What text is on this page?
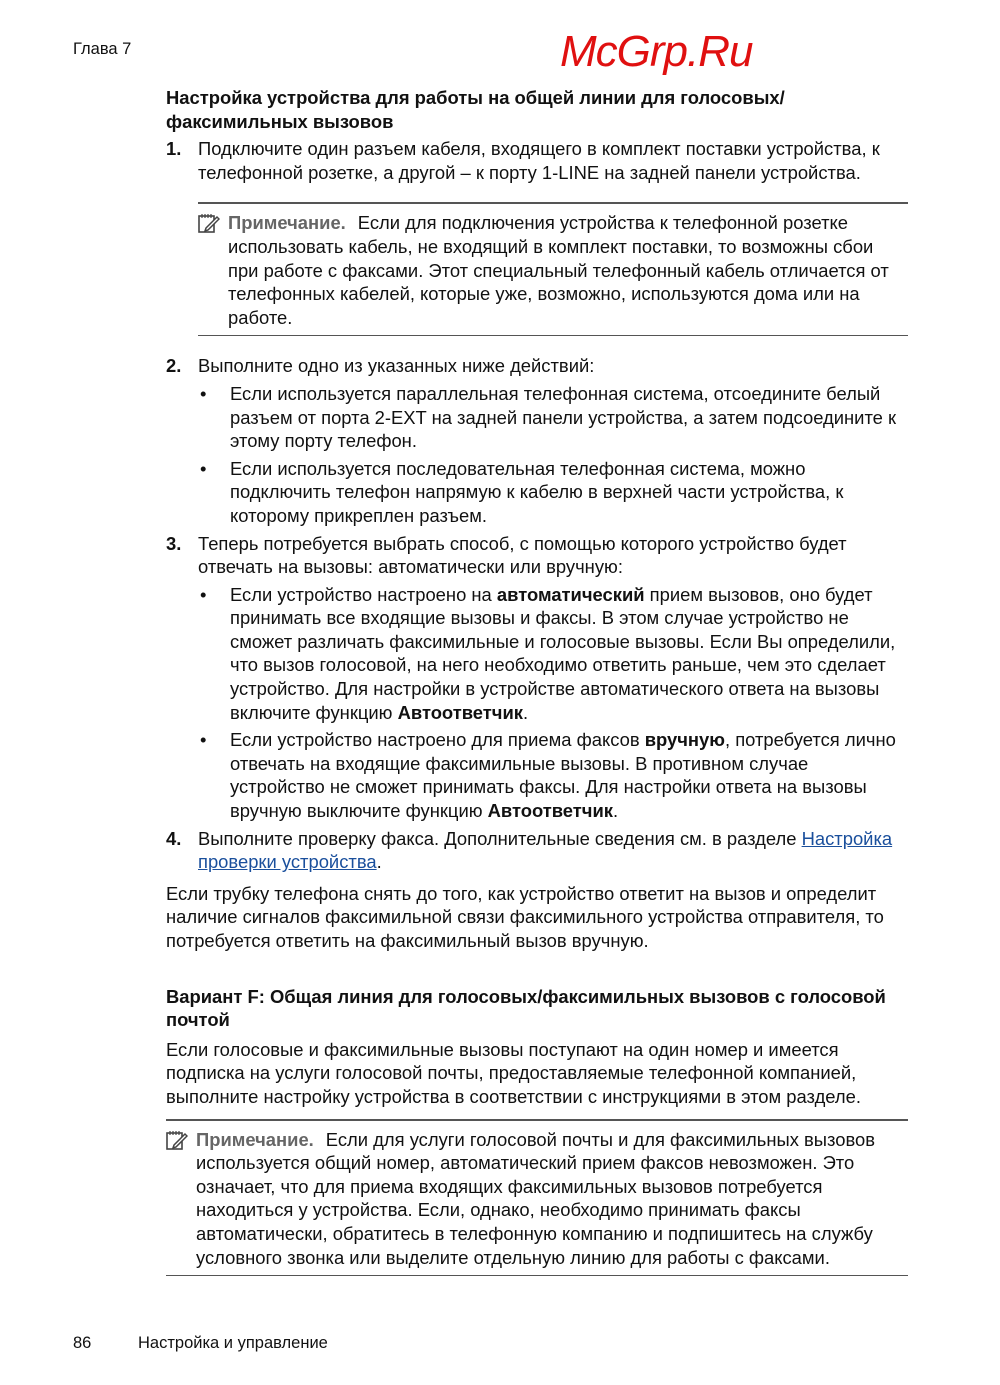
Глава 7	McGrp.Ru
Настройка устройства для работы на общей линии для голосовых/ факсимильных вызовов
1. Подключите один разъем кабеля, входящего в комплект поставки устройства, к телефонной розетке, а другой – к порту 1-LINE на задней панели устройства.

Примечание. Если для подключения устройства к телефонной розетке использовать кабель, не входящий в комплект поставки, то возможны сбои при работе с факсами. Этот специальный телефонный кабель отличается от телефонных кабелей, которые уже, возможно, используются дома или на работе.
2. Выполните одно из указанных ниже действий:

• Если используется параллельная телефонная система, отсоедините белый разъем от порта 2-EXT на задней панели устройства, а затем подсоедините к этому порту телефон.
• Если используется последовательная телефонная система, можно подключить телефон напрямую к кабелю в верхней части устройства, к которому прикреплен разъем.
3. Теперь потребуется выбрать способ, с помощью которого устройство будет отвечать на вызовы: автоматически или вручную:

• Если устройство настроено на автоматический прием вызовов, оно будет принимать все входящие вызовы и факсы. В этом случае устройство не сможет различать факсимильные и голосовые вызовы. Если Вы определили, что вызов голосовой, на него необходимо ответить раньше, чем это сделает устройство. Для настройки в устройстве автоматического ответа на вызовы включите функцию Автоответчик.
• Если устройство настроено для приема факсов вручную, потребуется лично отвечать на входящие факсимильные вызовы. В противном случае устройство не сможет принимать факсы. Для настройки ответа на вызовы вручную выключите функцию Автоответчик.
4. Выполните проверку факса. Дополнительные сведения см. в разделе Настройка проверки устройства.

Если трубку телефона снять до того, как устройство ответит на вызов и определит наличие сигналов факсимильной связи факсимильного устройства отправителя, то потребуется ответить на факсимильный вызов вручную.

Вариант F: Общая линия для голосовых/факсимильных вызовов с голосовой почтой

Если голосовые и факсимильные вызовы поступают на один номер и имеется подписка на услуги голосовой почты, предоставляемые телефонной компанией, выполните настройку устройства в соответствии с инструкциями в этом разделе.

Примечание. Если для услуги голосовой почты и для факсимильных вызовов используется общий номер, автоматический прием факсов невозможен. Это означает, что для приема входящих факсимильных вызовов потребуется находиться у устройства. Если, однако, необходимо принимать факсы автоматически, обратитесь в телефонную компанию и подпишитесь на службу условного звонка или выделите отдельную линию для работы с факсами.
86	Настройка и управление
